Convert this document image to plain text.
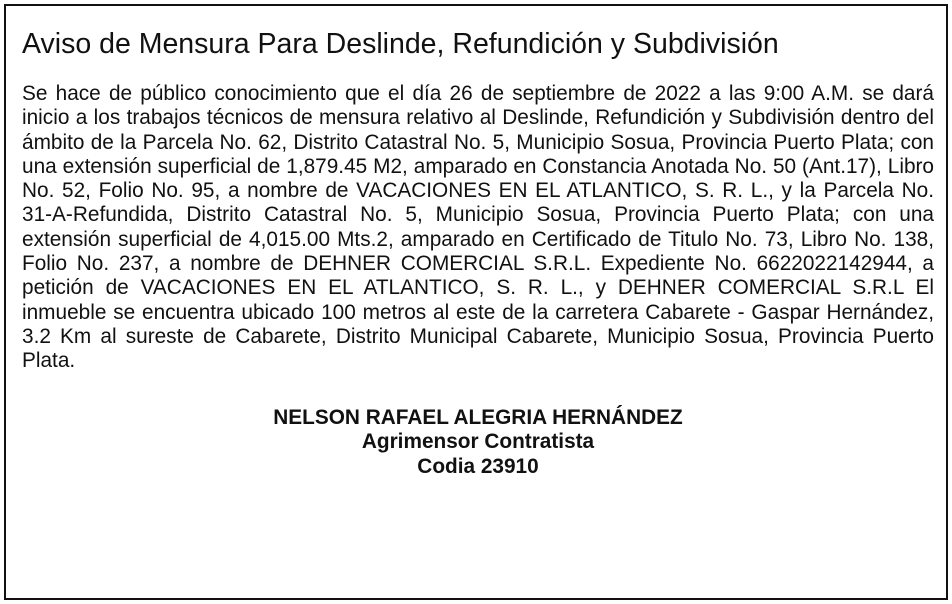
Aviso de Mensura Para Deslinde, Refundición y Subdivisión

Se hace de público conocimiento que el día 26 de septiembre de 2022 a las 9:00 A.M. se dará inicio a los trabajos técnicos de mensura relativo al Deslinde, Refundición y Subdivisión dentro del ámbito de la Parcela No. 62, Distrito Catastral No. 5, Municipio Sosua, Provincia Puerto Plata; con una extensión superficial de 1,879.45 M2, amparado en Constancia Anotada No. 50 (Ant.17), Libro No. 52, Folio No. 95, a nombre de VACACIONES EN EL ATLANTICO, S. R. L., y la Parcela No. 31-A-Refundida, Distrito Catastral No. 5, Municipio Sosua, Provincia Puerto Plata; con una extensión superficial de 4,015.00 Mts.2, amparado en Certificado de Titulo No. 73, Libro No. 138, Folio No. 237, a nombre de DEHNER COMERCIAL S.R.L. Expediente No. 6622022142944, a petición de VACACIONES EN EL ATLANTICO, S. R. L., y DEHNER COMERCIAL S.R.L El inmueble se encuentra ubicado 100 metros al este de la carretera Cabarete - Gaspar Hernández, 3.2 Km al sureste de Cabarete, Distrito Municipal Cabarete, Municipio Sosua, Provincia Puerto Plata.

NELSON RAFAEL ALEGRIA HERNÁNDEZ
Agrimensor Contratista
Codia 23910
